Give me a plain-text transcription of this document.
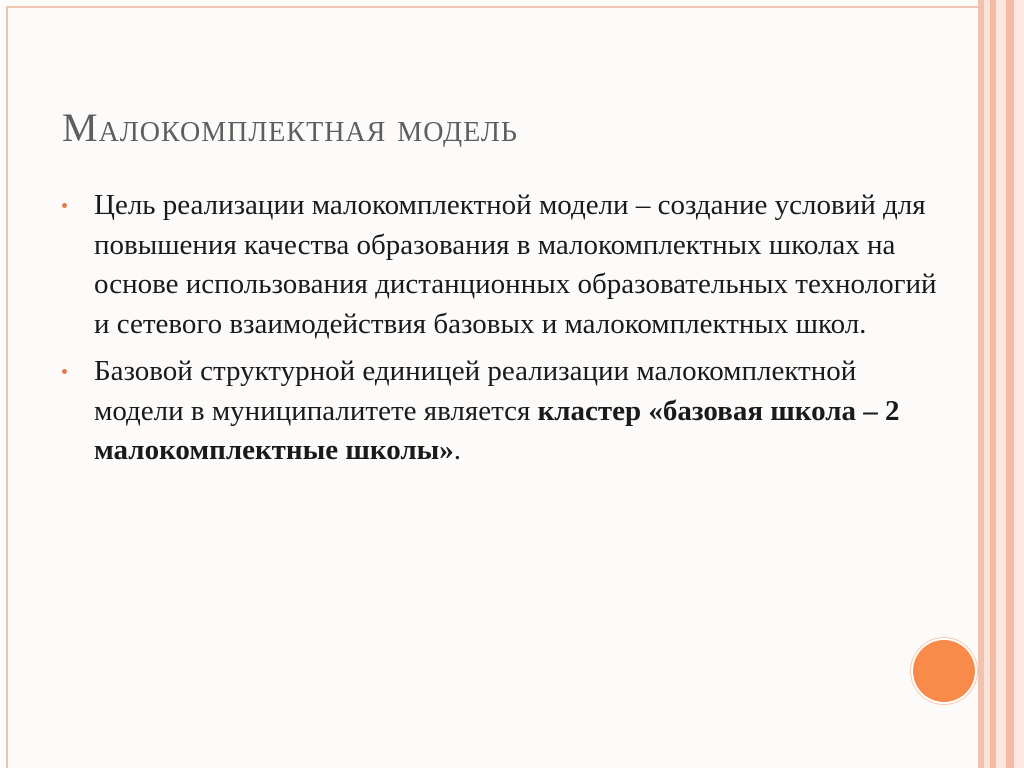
Малокомплектная модель
Цель реализации малокомплектной модели – создание условий для повышения качества образования в малокомплектных школах на основе использования дистанционных образовательных технологий и сетевого взаимодействия базовых и малокомплектных школ.
Базовой структурной единицей реализации малокомплектной модели в муниципалитете является кластер «базовая школа – 2 малокомплектные школы».
